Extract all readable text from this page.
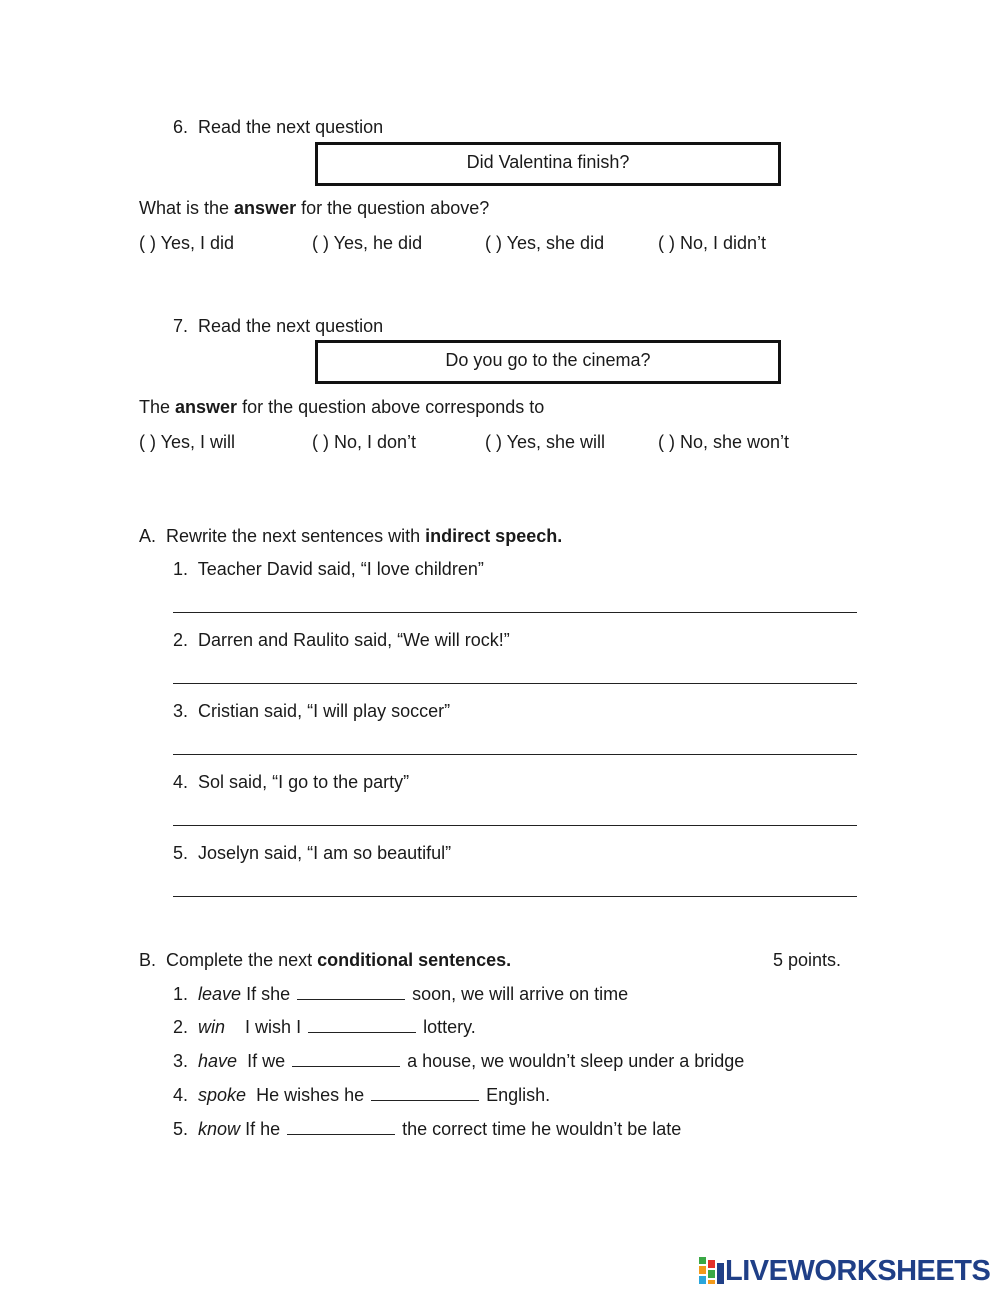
6. Read the next question
Did Valentina finish?
What is the answer for the question above?
( ) Yes, I did	( ) Yes, he did	( ) Yes, she did	( ) No, I didn’t
7. Read the next question
Do you go to the cinema?
The answer for the question above corresponds to
( ) Yes, I will	( ) No, I don’t	( ) Yes, she will	( ) No, she won’t
A. Rewrite the next sentences with indirect speech.
1. Teacher David said, “I love children”
2. Darren and Raulito said, “We will rock!”
3. Cristian said, “I will play soccer”
4. Sol said, “I go to the party”
5. Joselyn said, “I am so beautiful”
B. Complete the next conditional sentences.	5 points.
1. leave If she	soon, we will arrive on time
2. win    I wish I	lottery.
3. have  If we	a house, we wouldn’t sleep under a bridge
4. spoke  He wishes he	English.
5. know If he	the correct time he wouldn’t be late
LIVEWORKSHEETS
